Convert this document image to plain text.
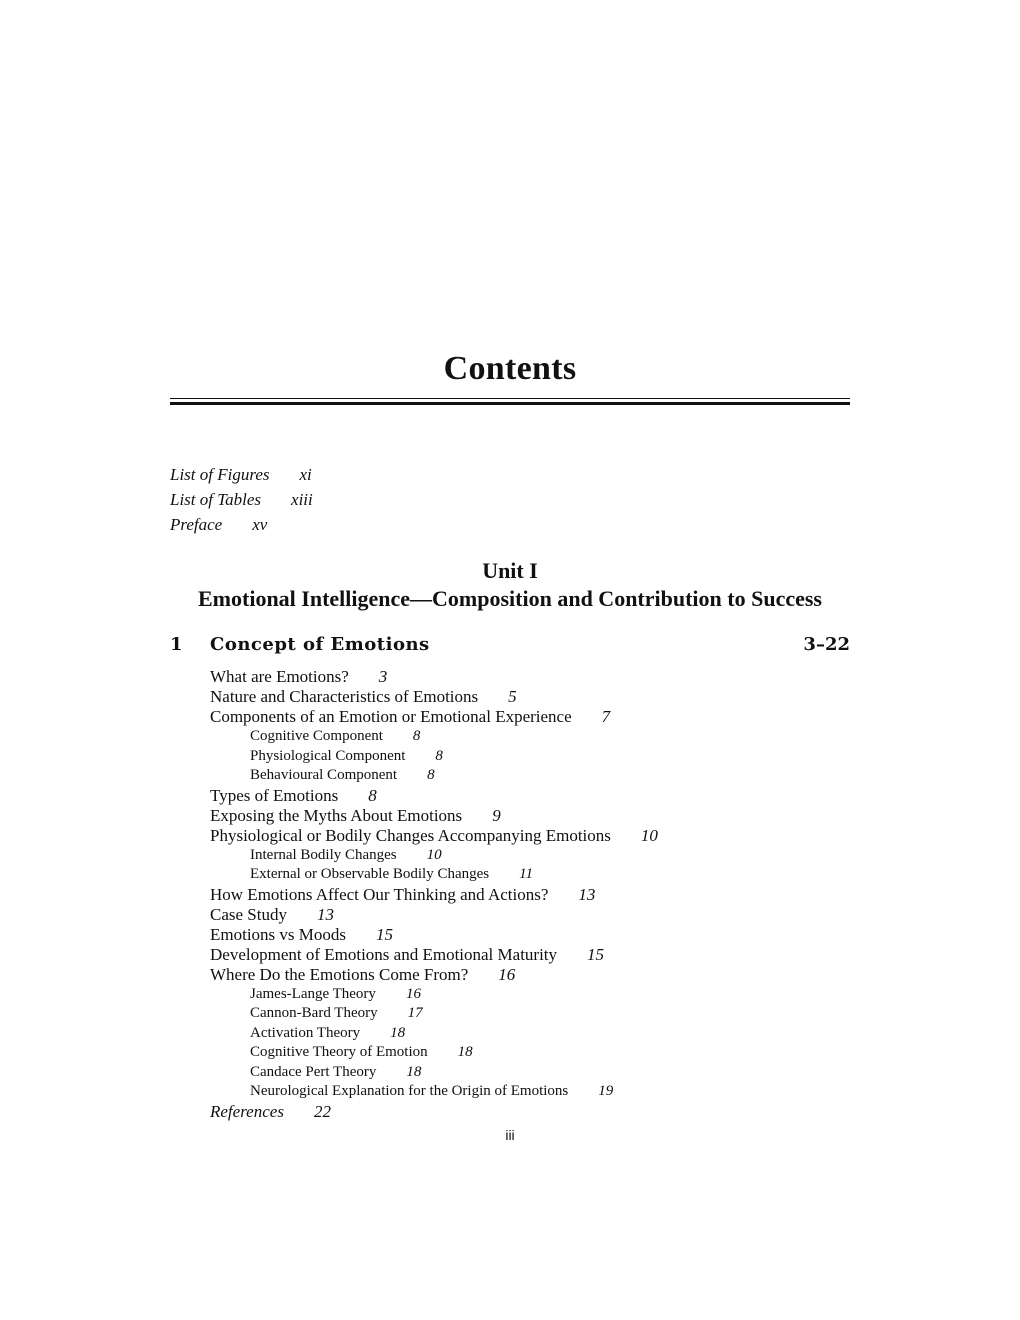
Contents
List of Figures xi
List of Tables xiii
Preface xv
Unit I
Emotional Intelligence—Composition and Contribution to Success
1 Concept of Emotions	3–22
What are Emotions? 3
Nature and Characteristics of Emotions 5
Components of an Emotion or Emotional Experience 7
Cognitive Component 8
Physiological Component 8
Behavioural Component 8
Types of Emotions 8
Exposing the Myths About Emotions 9
Physiological or Bodily Changes Accompanying Emotions 10
Internal Bodily Changes 10
External or Observable Bodily Changes 11
How Emotions Affect Our Thinking and Actions? 13
Case Study 13
Emotions vs Moods 15
Development of Emotions and Emotional Maturity 15
Where Do the Emotions Come From? 16
James-Lange Theory 16
Cannon-Bard Theory 17
Activation Theory 18
Cognitive Theory of Emotion 18
Candace Pert Theory 18
Neurological Explanation for the Origin of Emotions 19
References 22
iii
